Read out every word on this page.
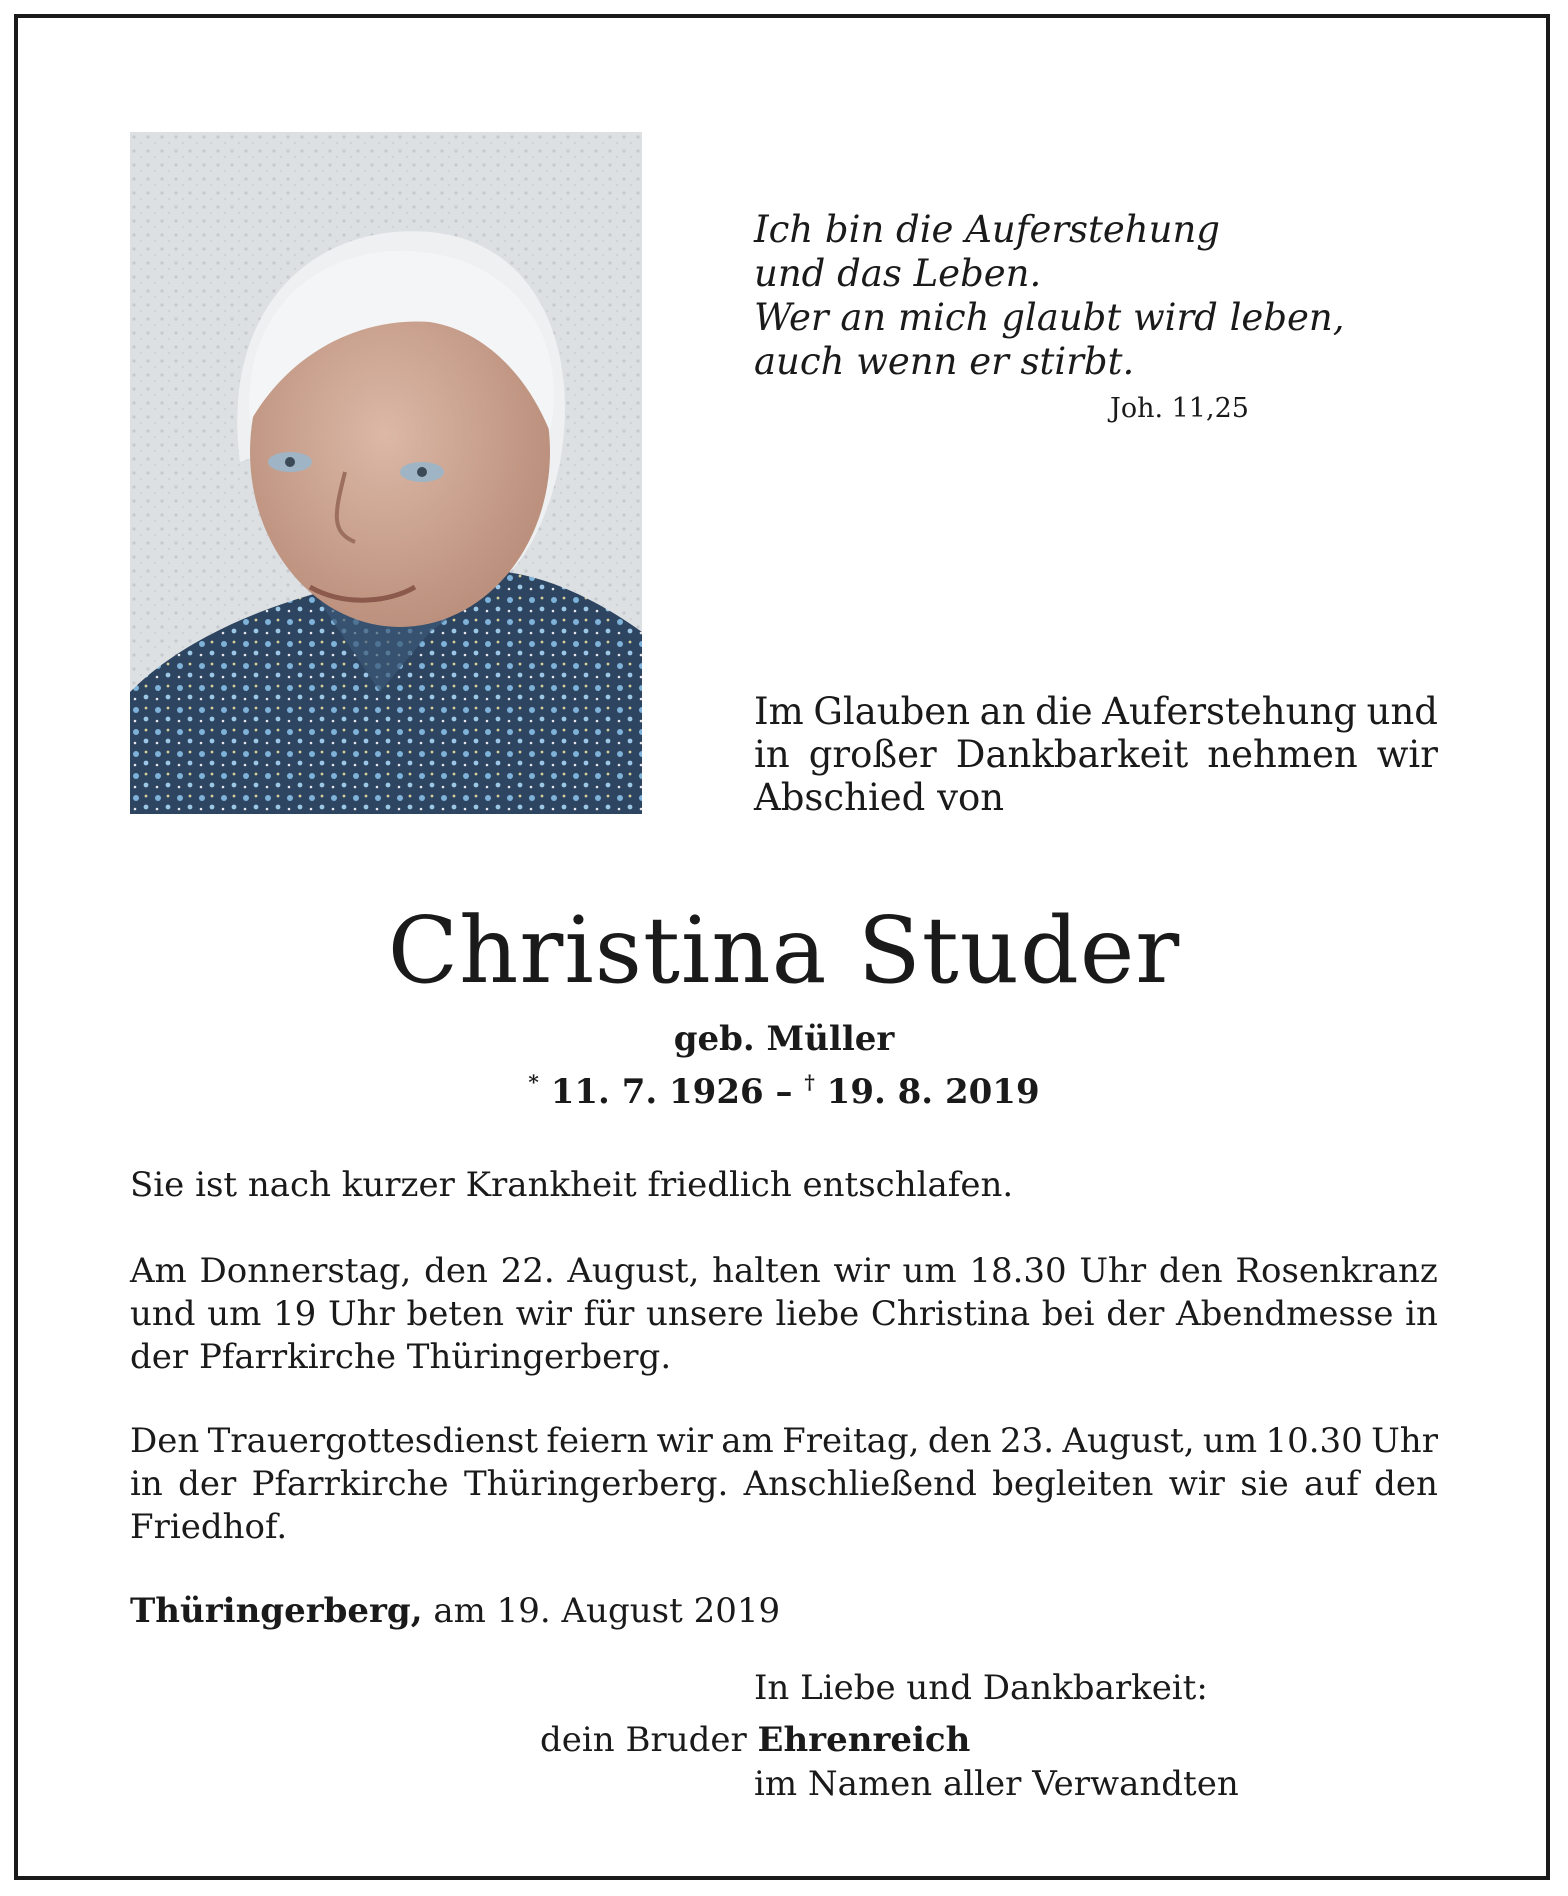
Ich bin die Auferstehung
und das Leben.
Wer an mich glaubt wird leben,
auch wenn er stirbt.
Joh. 11,25
Im Glauben an die Auferstehung und
in großer Dankbarkeit nehmen wir
Abschied von
Christina Studer
geb. Müller
* 11. 7. 1926 – † 19. 8. 2019
Sie ist nach kurzer Krankheit friedlich entschlafen.
Am Donnerstag, den 22. August, halten wir um 18.30 Uhr den Rosenkranz
und um 19 Uhr beten wir für unsere liebe Christina bei der Abendmesse in
der Pfarrkirche Thüringerberg.
Den Trauergottesdienst feiern wir am Freitag, den 23. August, um 10.30 Uhr
in der Pfarrkirche Thüringerberg. Anschließend begleiten wir sie auf den
Friedhof.
Thüringerberg, am 19. August 2019
In Liebe und Dankbarkeit:
dein Bruder Ehrenreich
im Namen aller Verwandten
